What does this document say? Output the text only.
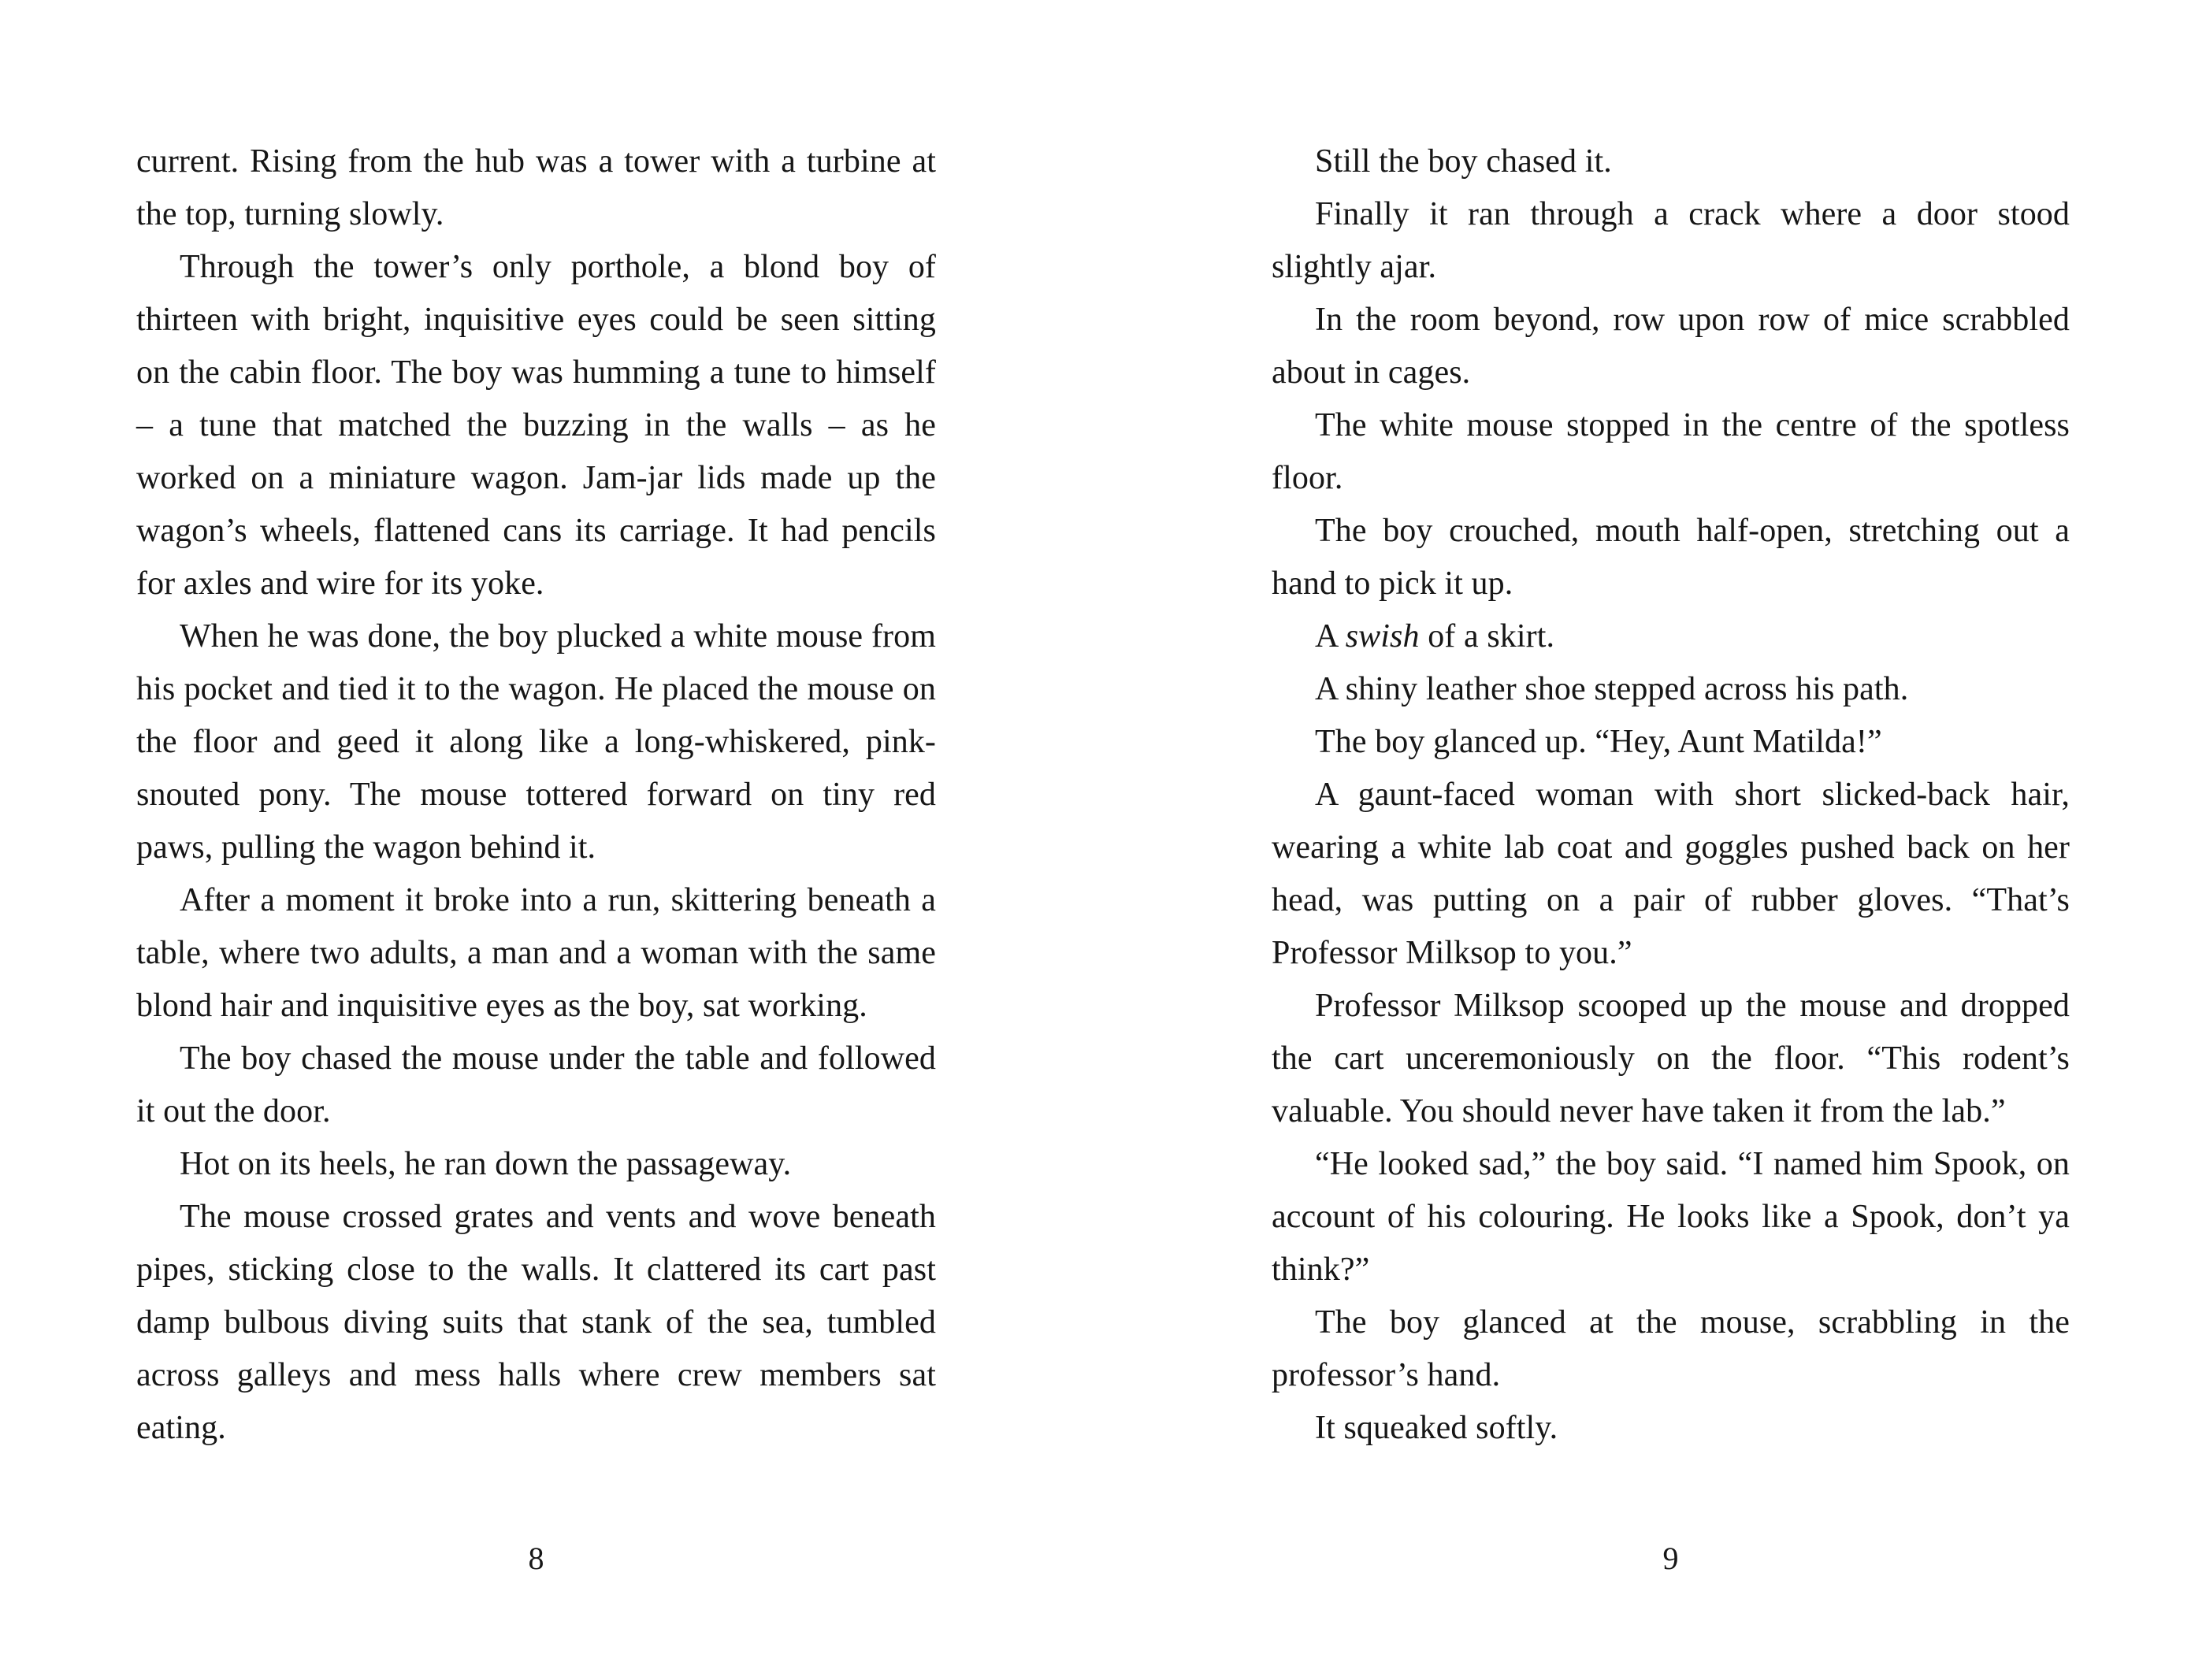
current. Rising from the hub was a tower with a turbine at the top, turning slowly.

Through the tower’s only porthole, a blond boy of thirteen with bright, inquisitive eyes could be seen sitting on the cabin floor. The boy was humming a tune to himself – a tune that matched the buzzing in the walls – as he worked on a miniature wagon. Jam-jar lids made up the wagon’s wheels, flattened cans its carriage. It had pencils for axles and wire for its yoke.

When he was done, the boy plucked a white mouse from his pocket and tied it to the wagon. He placed the mouse on the floor and geed it along like a long-whiskered, pink-snouted pony. The mouse tottered forward on tiny red paws, pulling the wagon behind it.

After a moment it broke into a run, skittering beneath a table, where two adults, a man and a woman with the same blond hair and inquisitive eyes as the boy, sat working.

The boy chased the mouse under the table and followed it out the door.

Hot on its heels, he ran down the passageway.

The mouse crossed grates and vents and wove beneath pipes, sticking close to the walls. It clattered its cart past damp bulbous diving suits that stank of the sea, tumbled across galleys and mess halls where crew members sat eating.

8

Still the boy chased it.

Finally it ran through a crack where a door stood slightly ajar.

In the room beyond, row upon row of mice scrabbled about in cages.

The white mouse stopped in the centre of the spotless floor.

The boy crouched, mouth half-open, stretching out a hand to pick it up.

A swish of a skirt.

A shiny leather shoe stepped across his path.

The boy glanced up. “Hey, Aunt Matilda!”

A gaunt-faced woman with short slicked-back hair, wearing a white lab coat and goggles pushed back on her head, was putting on a pair of rubber gloves. “That’s Professor Milksop to you.”

Professor Milksop scooped up the mouse and dropped the cart unceremoniously on the floor. “This rodent’s valuable. You should never have taken it from the lab.”

“He looked sad,” the boy said. “I named him Spook, on account of his colouring. He looks like a Spook, don’t ya think?”

The boy glanced at the mouse, scrabbling in the professor’s hand.

It squeaked softly.

9
